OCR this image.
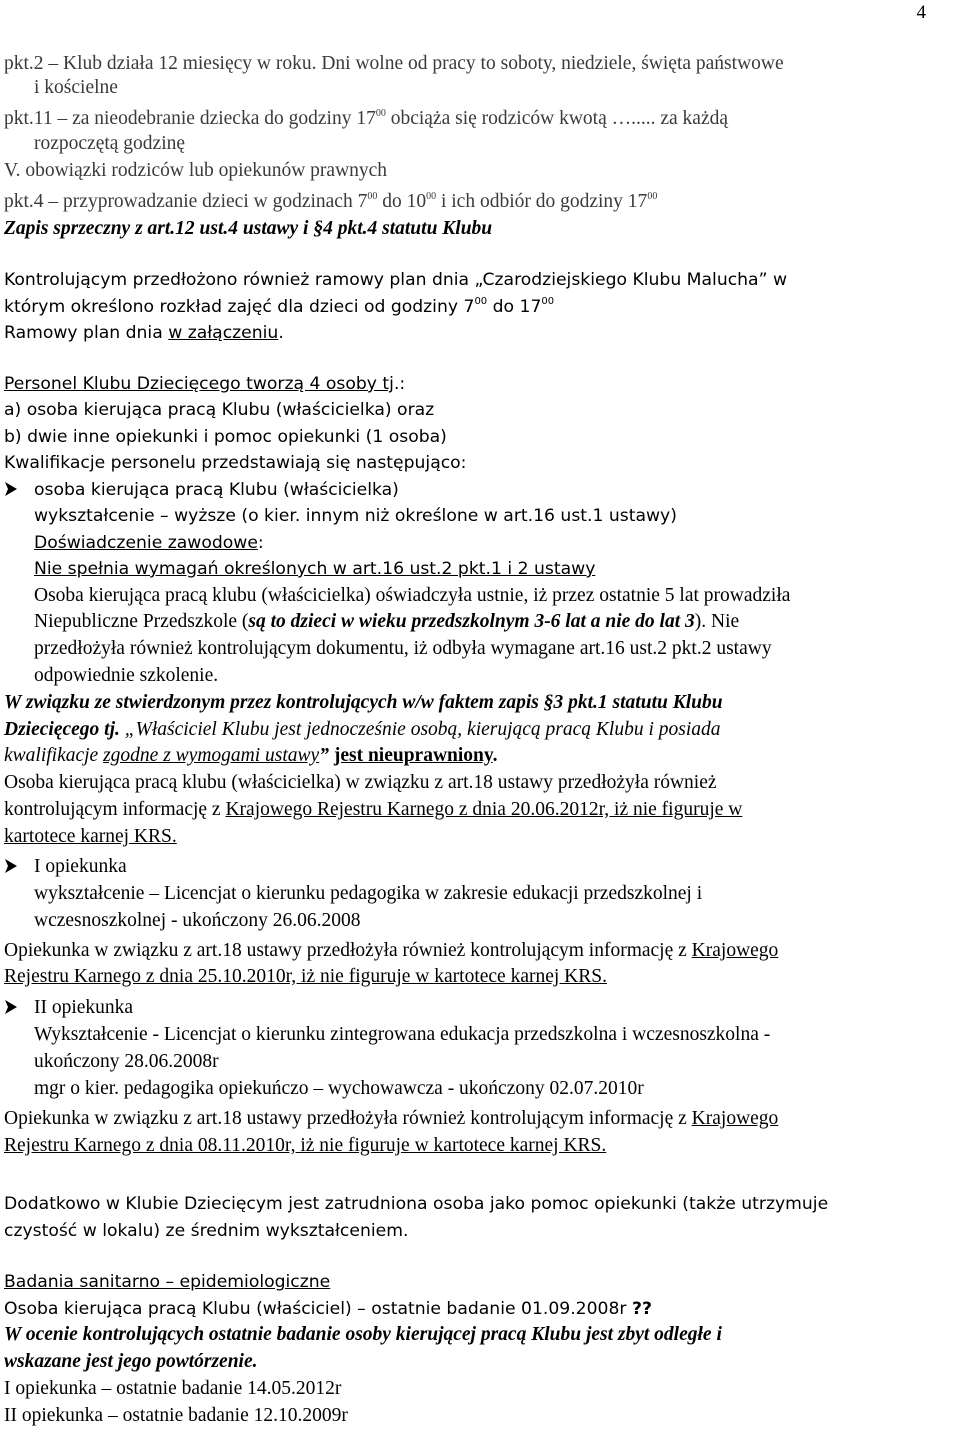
4
pkt.2 – Klub działa 12 miesięcy w roku. Dni wolne od pracy to soboty, niedziele, święta państwowe
i kościelne
pkt.11 – za nieodebranie dziecka do godziny $17^{00}$ obciąża się rodziców kwotą …..... za każdą
rozpoczętą godzinę
V. obowiązki rodziców lub opiekunów prawnych
pkt.4 – przyprowadzanie dzieci w godzinach $7^{00}$ do $10^{00}$ i ich odbiór do godziny $17^{00}$
Zapis sprzeczny z art.12 ust.4 ustawy i §4 pkt.4 statutu Klubu
Kontrolującym przedłożono również ramowy plan dnia „Czarodziejskiego Klubu Malucha” w
którym określono rozkład zajęć dla dzieci od godziny $7^{00}$ do $17^{00}$
Ramowy plan dnia w załączeniu.
Personel Klubu Dziecięcego tworzą 4 osoby tj.:
a) osoba kierująca pracą Klubu (właścicielka) oraz
b) dwie inne opiekunki i pomoc opiekunki (1 osoba)
Kwalifikacje personelu przedstawiają się następująco:
osoba kierująca pracą Klubu (właścicielka)
wykształcenie – wyższe (o kier. innym niż określone w art.16 ust.1 ustawy)
Doświadczenie zawodowe:
Nie spełnia wymagań określonych w art.16 ust.2 pkt.1 i 2 ustawy
Osoba kierująca pracą klubu (właścicielka) oświadczyła ustnie, iż przez ostatnie 5 lat prowadziła
Niepubliczne Przedszkole (są to dzieci w wieku przedszkolnym 3-6 lat a nie do lat 3). Nie
przedłożyła również kontrolującym dokumentu, iż odbyła wymagane art.16 ust.2 pkt.2 ustawy
odpowiednie szkolenie.
W związku ze stwierdzonym przez kontrolujących w/w faktem zapis §3 pkt.1 statutu Klubu
Dziecięcego tj. „Właściciel Klubu jest jednocześnie osobą, kierującą pracą Klubu i posiada
kwalifikacje zgodne z wymogami ustawy” jest nieuprawniony.
Osoba kierująca pracą klubu (właścicielka) w związku z art.18 ustawy przedłożyła również
kontrolującym informację z Krajowego Rejestru Karnego z dnia 20.06.2012r, iż nie figuruje w
kartotece karnej KRS.
I opiekunka
wykształcenie – Licencjat o kierunku pedagogika w zakresie edukacji przedszkolnej i
wczesnoszkolnej - ukończony 26.06.2008
Opiekunka w związku z art.18 ustawy przedłożyła również kontrolującym informację z Krajowego
Rejestru Karnego z dnia 25.10.2010r, iż nie figuruje w kartotece karnej KRS.
II opiekunka
Wykształcenie - Licencjat o kierunku zintegrowana edukacja przedszkolna i wczesnoszkolna -
ukończony 28.06.2008r
mgr o kier. pedagogika opiekuńczo – wychowawcza - ukończony 02.07.2010r
Opiekunka w związku z art.18 ustawy przedłożyła również kontrolującym informację z Krajowego
Rejestru Karnego z dnia 08.11.2010r, iż nie figuruje w kartotece karnej KRS.
Dodatkowo w Klubie Dziecięcym jest zatrudniona osoba jako pomoc opiekunki (także utrzymuje
czystość w lokalu) ze średnim wykształceniem.
Badania sanitarno – epidemiologiczne
Osoba kierująca pracą Klubu (właściciel) – ostatnie badanie 01.09.2008r ??
W ocenie kontrolujących ostatnie badanie osoby kierującej pracą Klubu jest zbyt odległe i
wskazane jest jego powtórzenie.
I opiekunka – ostatnie badanie 14.05.2012r
II opiekunka – ostatnie badanie 12.10.2009r
